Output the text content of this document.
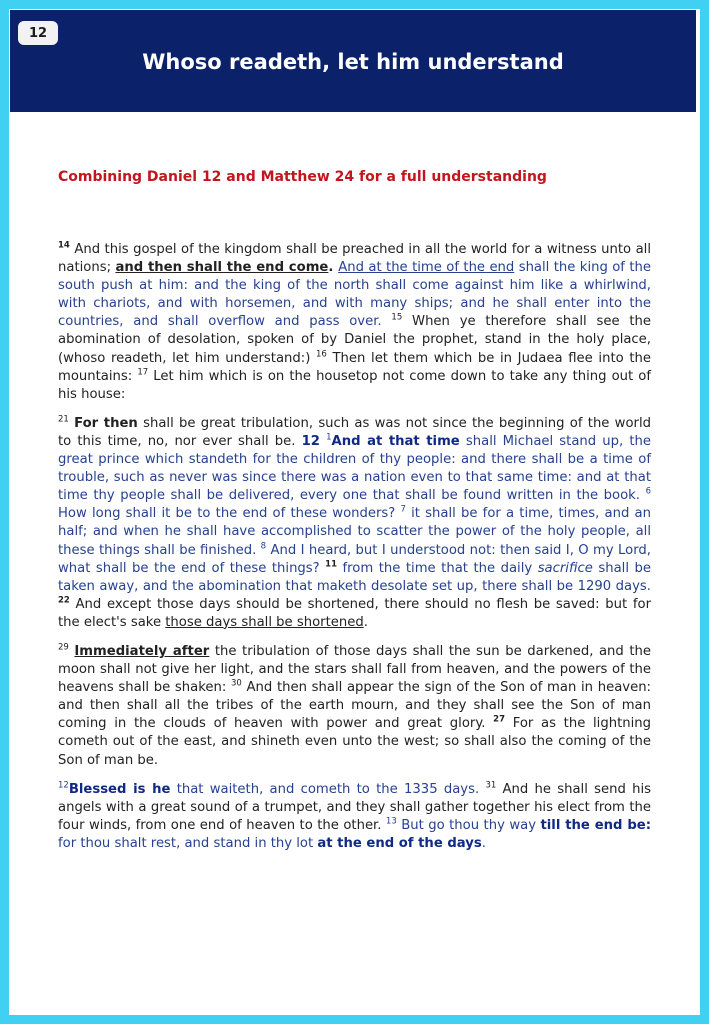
12
Whoso readeth, let him understand
Combining Daniel 12 and Matthew 24 for a full understanding

$^{14}$ And this gospel of the kingdom shall be preached in all the world for a witness unto all nations; and then shall the end come. And at the time of the end shall the king of the south push at him: and the king of the north shall come against him like a whirlwind, with chariots, and with horsemen, and with many ships; and he shall enter into the countries, and shall overflow and pass over. $^{15}$ When ye therefore shall see the abomination of desolation, spoken of by Daniel the prophet, stand in the holy place, (whoso readeth, let him understand:) $^{16}$ Then let them which be in Judaea flee into the mountains: $^{17}$ Let him which is on the housetop not come down to take any thing out of his house:

$^{21}$ For then shall be great tribulation, such as was not since the beginning of the world to this time, no, nor ever shall be. 12 $^1$And at that time shall Michael stand up, the great prince which standeth for the children of thy people: and there shall be a time of trouble, such as never was since there was a nation even to that same time: and at that time thy people shall be delivered, every one that shall be found written in the book. $^6$ How long shall it be to the end of these wonders? $^7$ it shall be for a time, times, and an half; and when he shall have accomplished to scatter the power of the holy people, all these things shall be finished. $^8$ And I heard, but I understood not: then said I, O my Lord, what shall be the end of these things? $^{11}$ from the time that the daily sacrifice shall be taken away, and the abomination that maketh desolate set up, there shall be 1290 days. $^{22}$ And except those days should be shortened, there should no flesh be saved: but for the elect's sake those days shall be shortened.

$^{29}$ Immediately after the tribulation of those days shall the sun be darkened, and the moon shall not give her light, and the stars shall fall from heaven, and the powers of the heavens shall be shaken: $^{30}$ And then shall appear the sign of the Son of man in heaven: and then shall all the tribes of the earth mourn, and they shall see the Son of man coming in the clouds of heaven with power and great glory. $^{27}$ For as the lightning cometh out of the east, and shineth even unto the west; so shall also the coming of the Son of man be.

$^{12}$Blessed is he that waiteth, and cometh to the 1335 days. $^{31}$ And he shall send his angels with a great sound of a trumpet, and they shall gather together his elect from the four winds, from one end of heaven to the other. $^{13}$ But go thou thy way till the end be: for thou shalt rest, and stand in thy lot at the end of the days.
